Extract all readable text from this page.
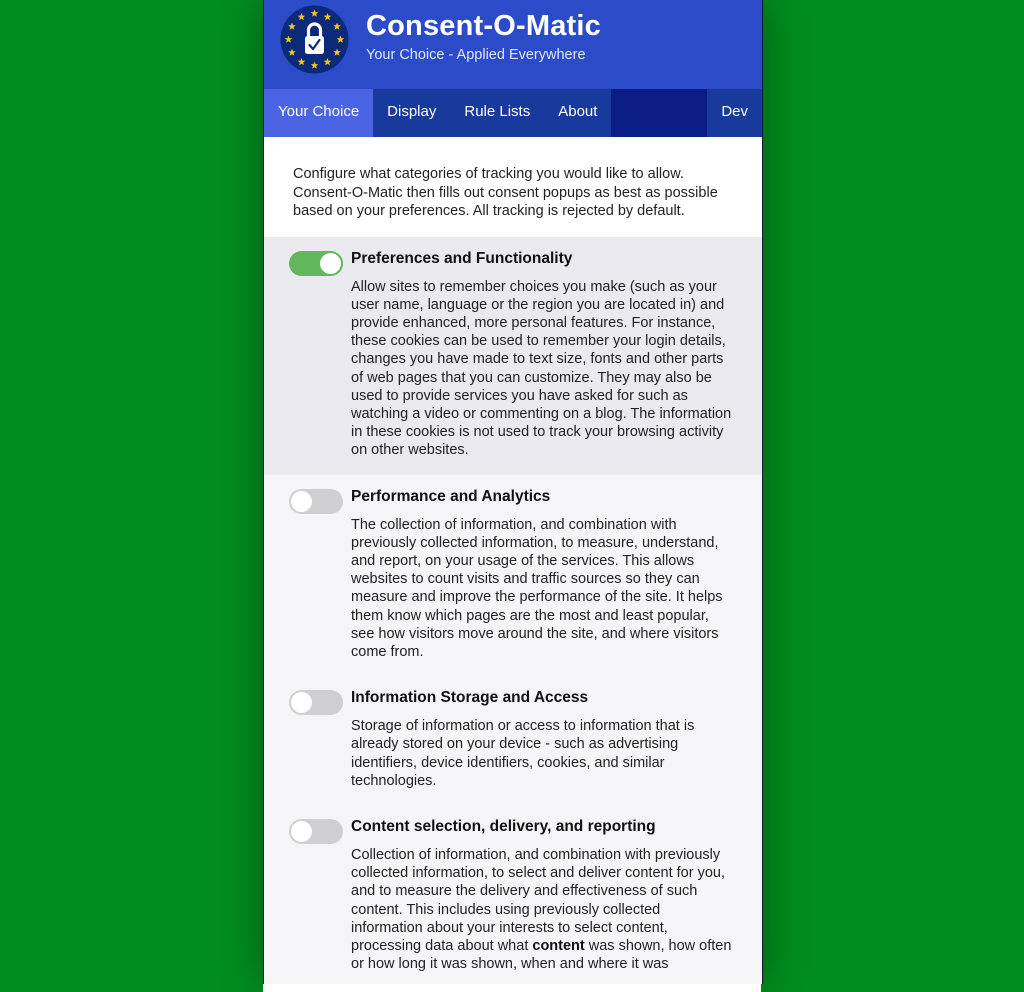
Consent-O-Matic
Your Choice - Applied Everywhere
Your Choice	Display	Rule Lists	About	Dev
Configure what categories of tracking you would like to allow. Consent-O-Matic then fills out consent popups as best as possible based on your preferences. All tracking is rejected by default.
Preferences and Functionality
Allow sites to remember choices you make (such as your user name, language or the region you are located in) and provide enhanced, more personal features. For instance, these cookies can be used to remember your login details, changes you have made to text size, fonts and other parts of web pages that you can customize. They may also be used to provide services you have asked for such as watching a video or commenting on a blog. The information in these cookies is not used to track your browsing activity on other websites.
Performance and Analytics
The collection of information, and combination with previously collected information, to measure, understand, and report, on your usage of the services. This allows websites to count visits and traffic sources so they can measure and improve the performance of the site. It helps them know which pages are the most and least popular, see how visitors move around the site, and where visitors come from.
Information Storage and Access
Storage of information or access to information that is already stored on your device - such as advertising identifiers, device identifiers, cookies, and similar technologies.
Content selection, delivery, and reporting
Collection of information, and combination with previously collected information, to select and deliver content for you, and to measure the delivery and effectiveness of such content. This includes using previously collected information about your interests to select content, processing data about what content was shown, how often or how long it was shown, when and where it was
